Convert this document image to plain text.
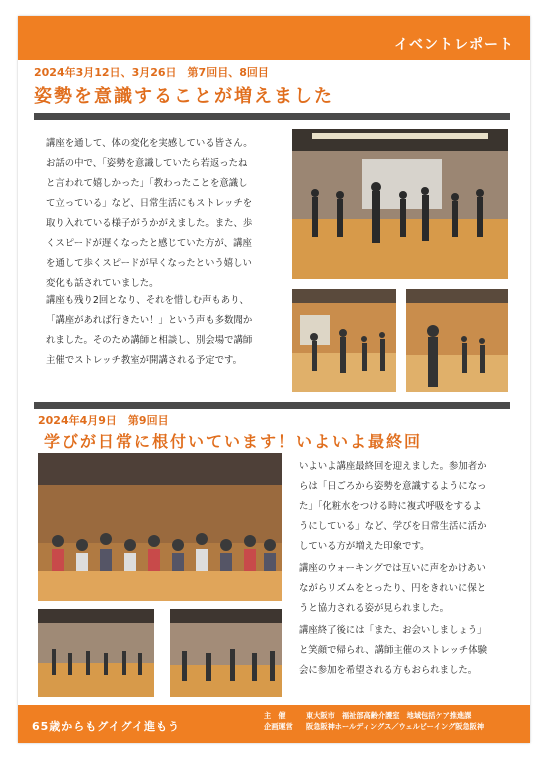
イベントレポート
2024年3月12日、3月26日　第7回目、8回目
姿勢を意識することが増えました
講座を通して、体の変化を実感している皆さん。
お話の中で、「姿勢を意識していたら若返ったね
と言われて嬉しかった」「教わったことを意識し
て立っている」など、日常生活にもストレッチを
取り入れている様子がうかがえました。また、歩
くスピードが遅くなったと感じていた方が、講座
を通して歩くスピードが早くなったという嬉しい
変化も話されていました。
講座も残り2回となり、それを惜しむ声もあり、
「講座があれば行きたい！」という声も多数聞か
れました。そのため講師と相談し、別会場で講師
主催でストレッチ教室が開講される予定です。
2024年4月9日　第9回目
学びが日常に根付いています！いよいよ最終回
いよいよ講座最終回を迎えました。参加者か
らは「日ごろから姿勢を意識するようになっ
た」「化粧水をつける時に複式呼吸をするよ
うにしている」など、学びを日常生活に活か
している方が増えた印象です。
講座のウォーキングでは互いに声をかけあい
ながらリズムをとったり、円をきれいに保と
うと協力される姿が見られました。
講座終了後には「また、お会いしましょう」
と笑顔で帰られ、講師主催のストレッチ体験
会に参加を希望される方もおられました。
65歳からもグイグイ進もう
主　催	東大阪市　福祉部高齢介護室　地域包括ケア推進課
企画運営 阪急阪神ホールディングス／ウェルビーイング阪急阪神
